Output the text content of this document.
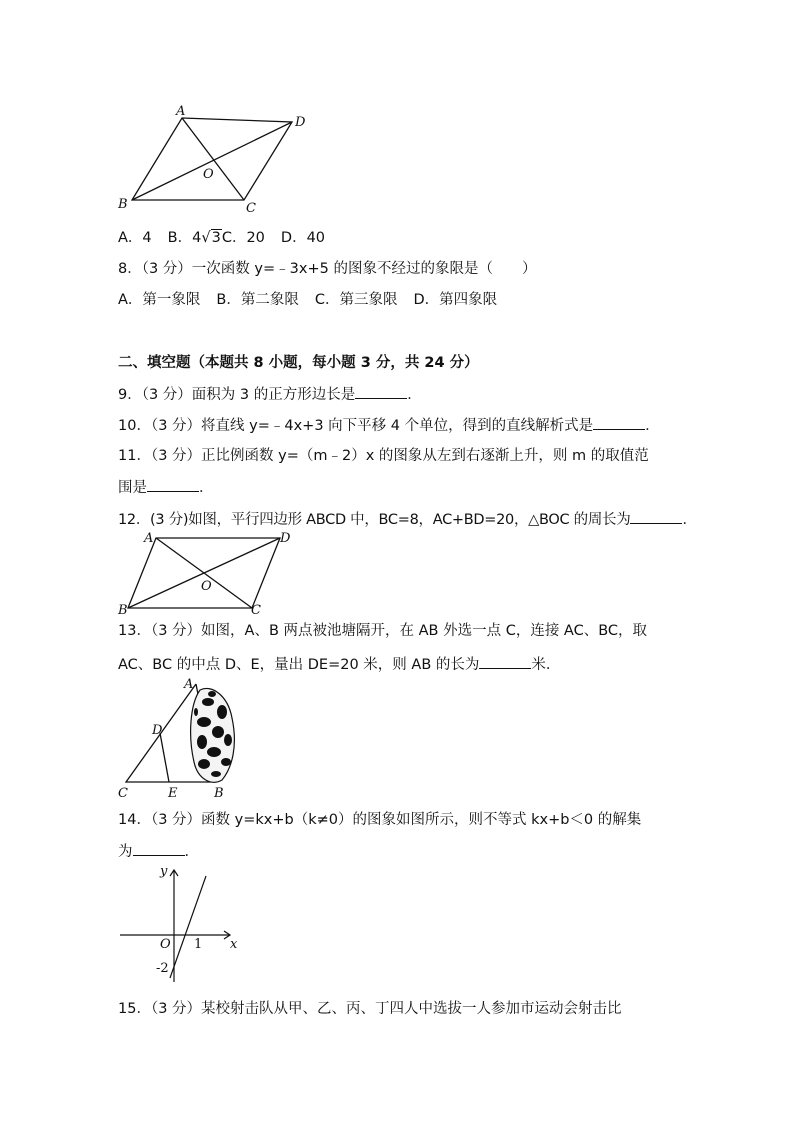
A
D
O
B	C
A．4 B．4√3C．20 D．40
8．（3 分）一次函数 y=﹣3x+5 的图象不经过的象限是（　　）
A．第一象限 B．第二象限 C．第三象限 D．第四象限
二、填空题（本题共 8 小题，每小题 3 分，共 24 分）
9．（3 分）面积为 3 的正方形边长是	．
10．（3 分）将直线 y=﹣4x+3 向下平移 4 个单位，得到的直线解析式是	．
11．（3 分）正比例函数 y=（m﹣2）x 的图象从左到右逐渐上升，则 m 的取值范
围是	．
12．(3 分)如图，平行四边形 ABCD 中，BC=8，AC+BD=20，△BOC 的周长为	．
A	D
O
B	C
13．（3 分）如图，A、B 两点被池塘隔开，在 AB 外选一点 C，连接 AC、BC，取
AC、BC 的中点 D、E，量出 DE=20 米，则 AB 的长为	米．
A
D
C	E	B
14．（3 分）函数 y=kx+b（k≠0）的图象如图所示，则不等式 kx+b＜0 的解集
为	．
y
x
O 1
-2
15．（3 分）某校射击队从甲、乙、丙、丁四人中选拔一人参加市运动会射击比
